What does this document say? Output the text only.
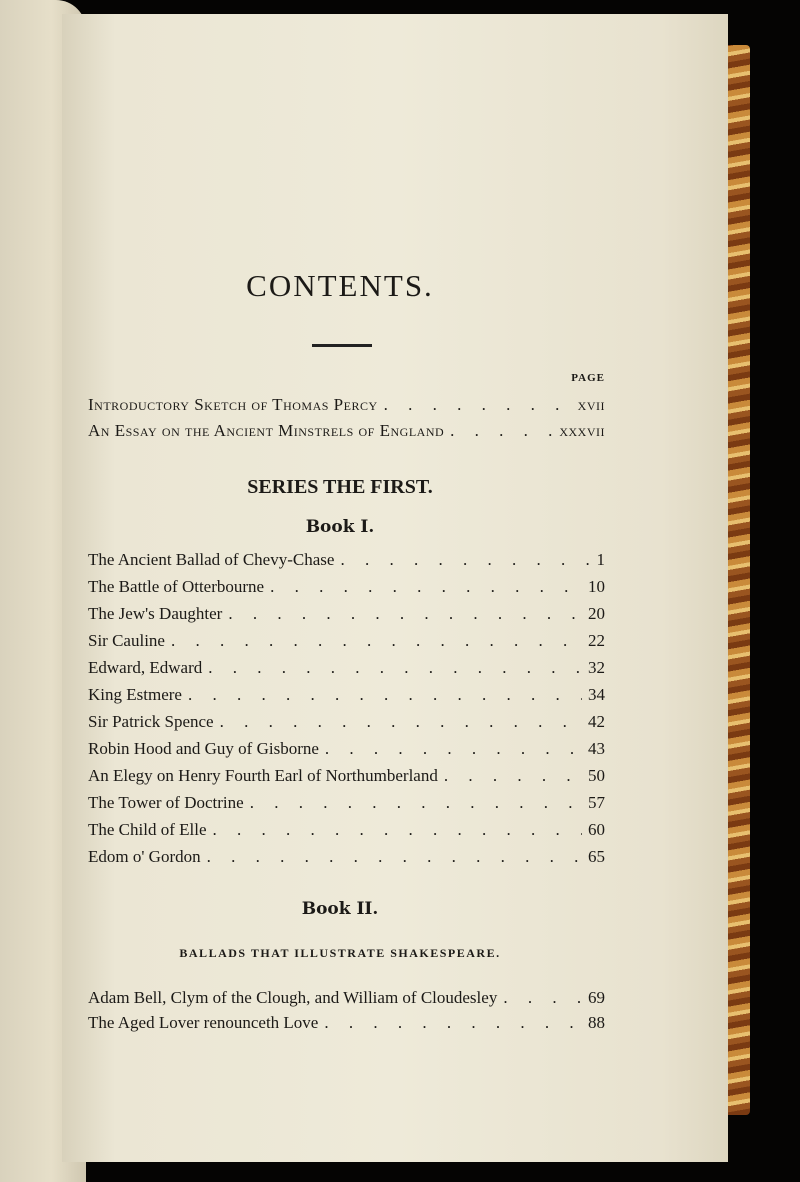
CONTENTS.
PAGE
Introductory Sketch of Thomas Percy . . .	xvii
An Essay on the Ancient Minstrels of England . . .	xxxvii
SERIES THE FIRST.
Book I.
The Ancient Ballad of Chevy-Chase . . .	1
The Battle of Otterbourne . . .	10
The Jew's Daughter . . .	20
Sir Cauline . . .	22
Edward, Edward . . .	32
King Estmere . . .	34
Sir Patrick Spence . . .	42
Robin Hood and Guy of Gisborne . . .	43
An Elegy on Henry Fourth Earl of Northumberland . . .	50
The Tower of Doctrine . . .	57
The Child of Elle . . .	60
Edom o' Gordon . . .	65
Book II.
BALLADS THAT ILLUSTRATE SHAKESPEARE.
Adam Bell, Clym of the Clough, and William of Cloudesley . . .	69
The Aged Lover renounceth Love . . .	88
